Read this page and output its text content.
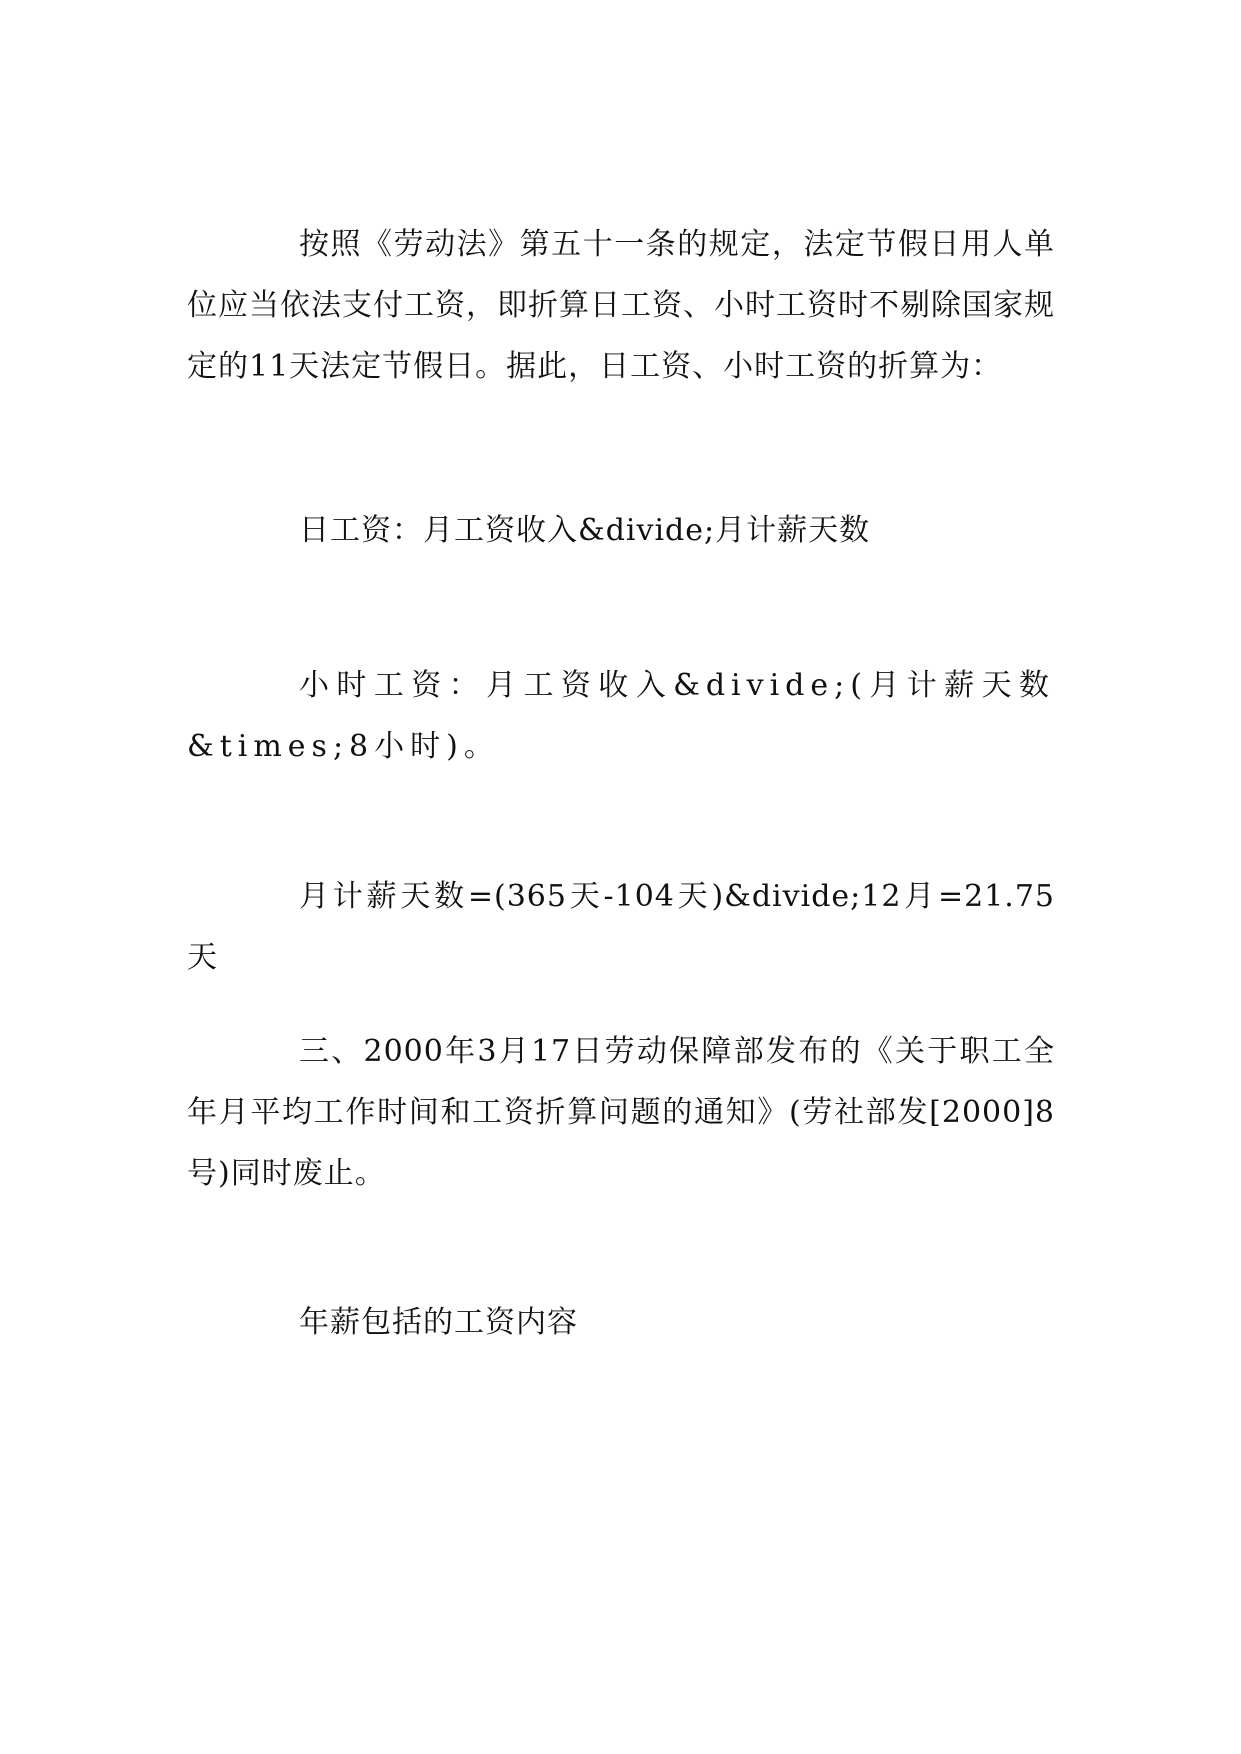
按照《劳动法》第五十一条的规定，法定节假日用人单位应当依法支付工资，即折算日工资、小时工资时不剔除国家规定的11天法定节假日。据此，日工资、小时工资的折算为：

日工资：月工资收入&divide;月计薪天数

小时工资：月工资收入&divide;(月计薪天数&times;8小时)。

月计薪天数=(365天-104天)&divide;12月=21.75天

三、2000年3月17日劳动保障部发布的《关于职工全年月平均工作时间和工资折算问题的通知》(劳社部发[2000]8号)同时废止。

年薪包括的工资内容
